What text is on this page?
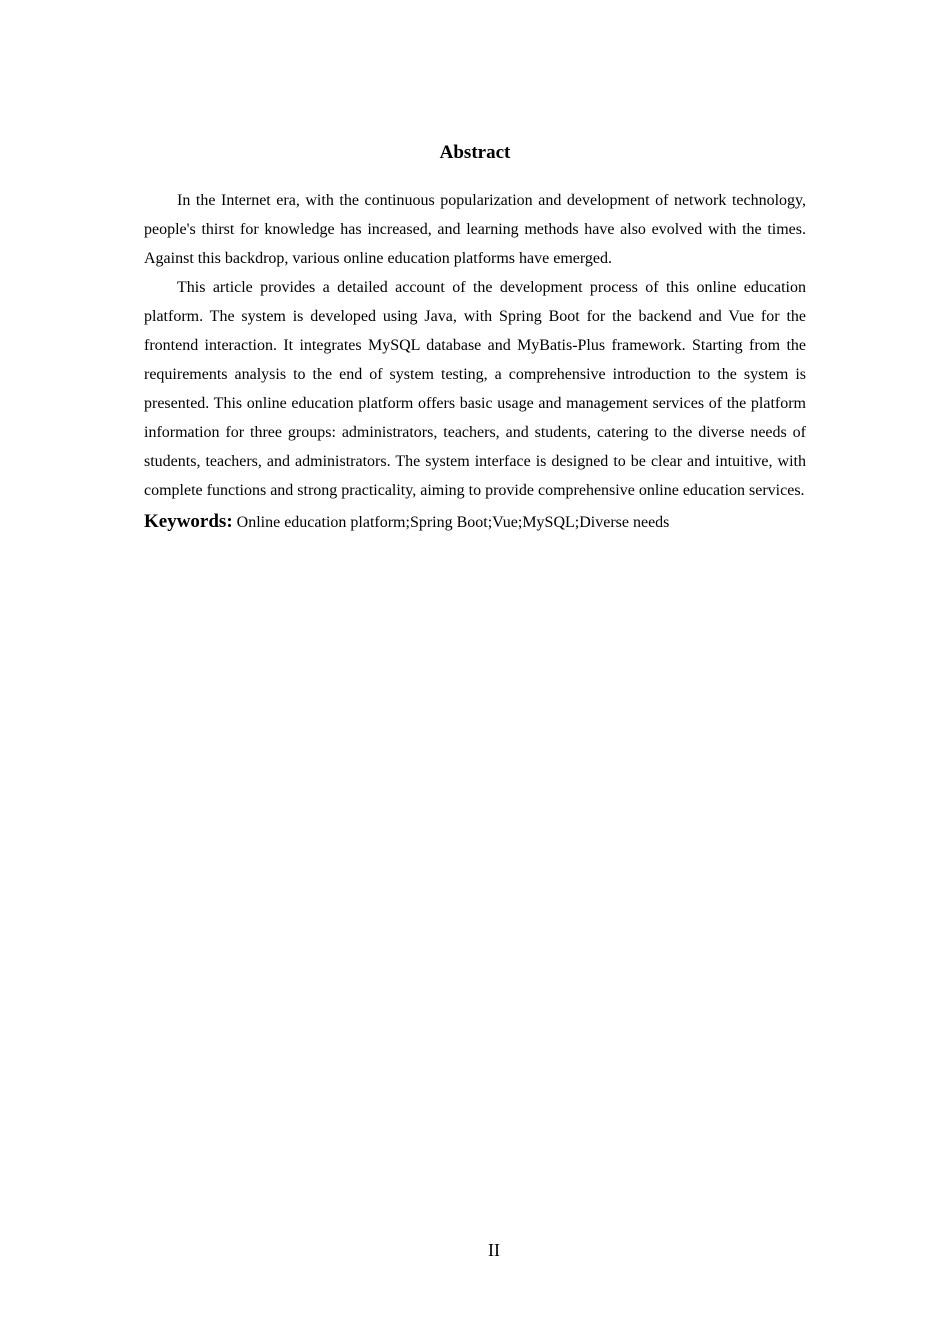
Abstract

In the Internet era, with the continuous popularization and development of network technology, people's thirst for knowledge has increased, and learning methods have also evolved with the times. Against this backdrop, various online education platforms have emerged.

This article provides a detailed account of the development process of this online education platform. The system is developed using Java, with Spring Boot for the backend and Vue for the frontend interaction. It integrates MySQL database and MyBatis-Plus framework. Starting from the requirements analysis to the end of system testing, a comprehensive introduction to the system is presented. This online education platform offers basic usage and management services of the platform information for three groups: administrators, teachers, and students, catering to the diverse needs of students, teachers, and administrators. The system interface is designed to be clear and intuitive, with complete functions and strong practicality, aiming to provide comprehensive online education services.

Keywords: Online education platform;Spring Boot;Vue;MySQL;Diverse needs

II
